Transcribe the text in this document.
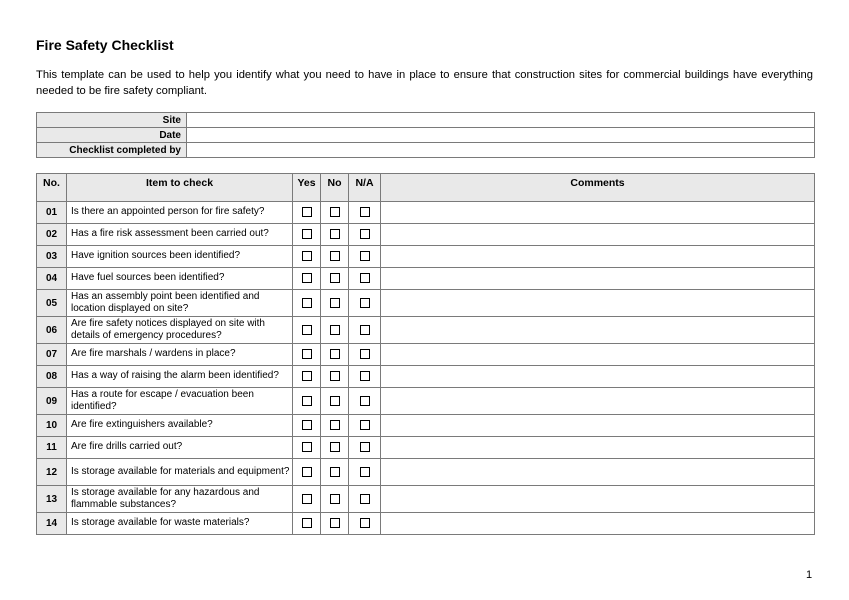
Fire Safety Checklist
This template can be used to help you identify what you need to have in place to ensure that construction sites for commercial buildings have everything needed to be fire safety compliant.
Site	
Date	
Checklist completed by	
No.	Item to check	Yes	No	N/A	Comments
01	Is there an appointed person for fire safety?				
02	Has a fire risk assessment been carried out?				
03	Have ignition sources been identified?				
04	Have fuel sources been identified?				
05	Has an assembly point been identified and location displayed on site?				
06	Are fire safety notices displayed on site with details of emergency procedures?				
07	Are fire marshals / wardens in place?				
08	Has a way of raising the alarm been identified?				
09	Has a route for escape / evacuation been identified?				
10	Are fire extinguishers available?				
11	Are fire drills carried out?				
12	Is storage available for materials and equipment?				
13	Is storage available for any hazardous and flammable substances?				
14	Is storage available for waste materials?				
1
